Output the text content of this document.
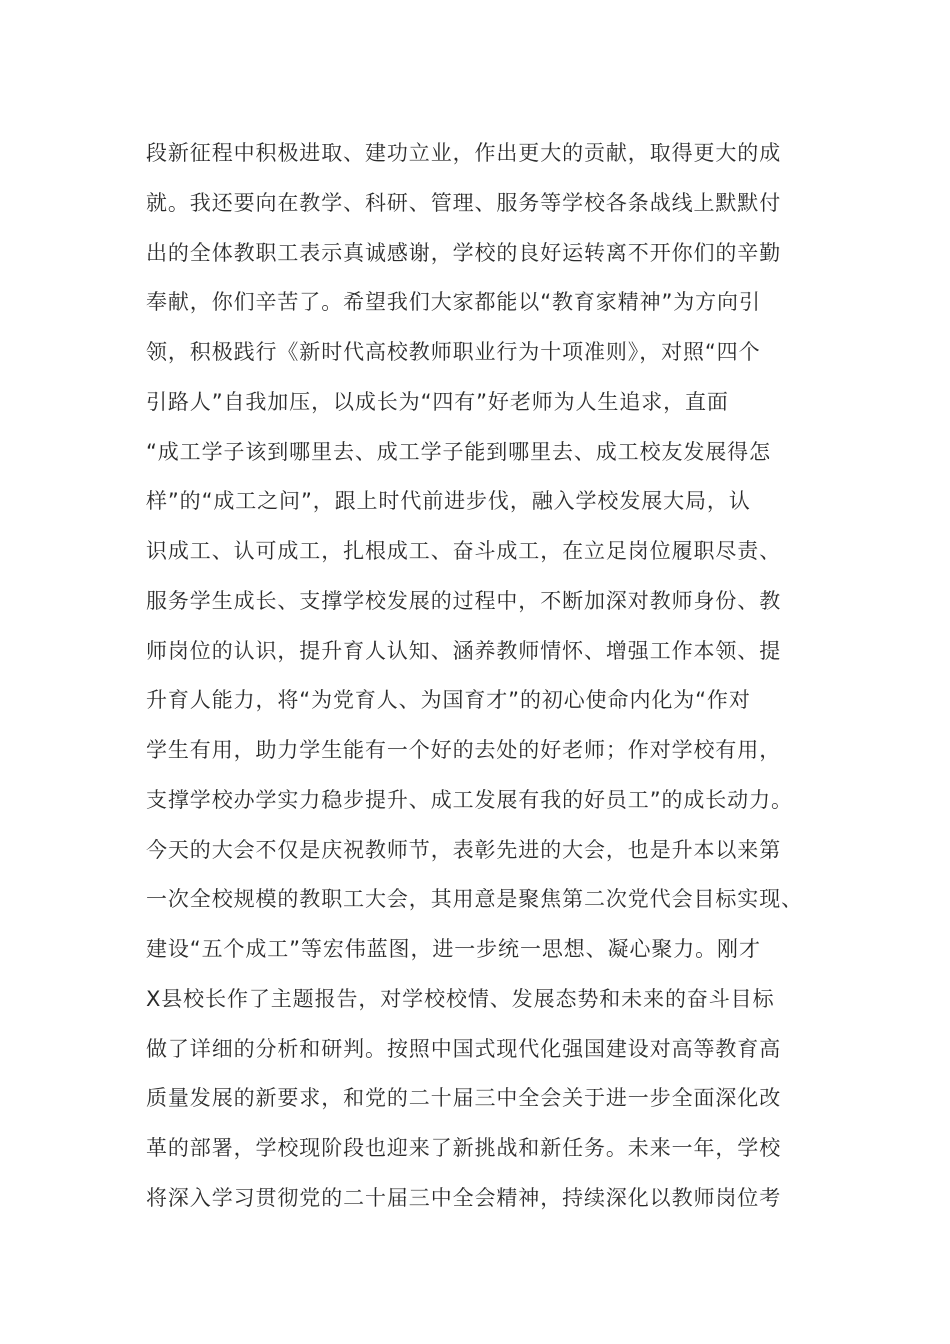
段新征程中积极进取、建功立业，作出更大的贡献，取得更大的成
就。我还要向在教学、科研、管理、服务等学校各条战线上默默付
出的全体教职工表示真诚感谢，学校的良好运转离不开你们的辛勤
奉献，你们辛苦了。希望我们大家都能以“教育家精神”为方向引
领，积极践行《新时代高校教师职业行为十项准则》，对照“四个
引路人”自我加压，以成长为“四有”好老师为人生追求，直面
“成工学子该到哪里去、成工学子能到哪里去、成工校友发展得怎
样”的“成工之问”，跟上时代前进步伐，融入学校发展大局，认
识成工、认可成工，扎根成工、奋斗成工，在立足岗位履职尽责、
服务学生成长、支撑学校发展的过程中，不断加深对教师身份、教
师岗位的认识，提升育人认知、涵养教师情怀、增强工作本领、提
升育人能力，将“为党育人、为国育才”的初心使命内化为“作对
学生有用，助力学生能有一个好的去处的好老师；作对学校有用，
支撑学校办学实力稳步提升、成工发展有我的好员工”的成长动力。
今天的大会不仅是庆祝教师节，表彰先进的大会，也是升本以来第
一次全校规模的教职工大会，其用意是聚焦第二次党代会目标实现、
建设“五个成工”等宏伟蓝图，进一步统一思想、凝心聚力。刚才
X县校长作了主题报告，对学校校情、发展态势和未来的奋斗目标
做了详细的分析和研判。按照中国式现代化强国建设对高等教育高
质量发展的新要求，和党的二十届三中全会关于进一步全面深化改
革的部署，学校现阶段也迎来了新挑战和新任务。未来一年，学校
将深入学习贯彻党的二十届三中全会精神，持续深化以教师岗位考
